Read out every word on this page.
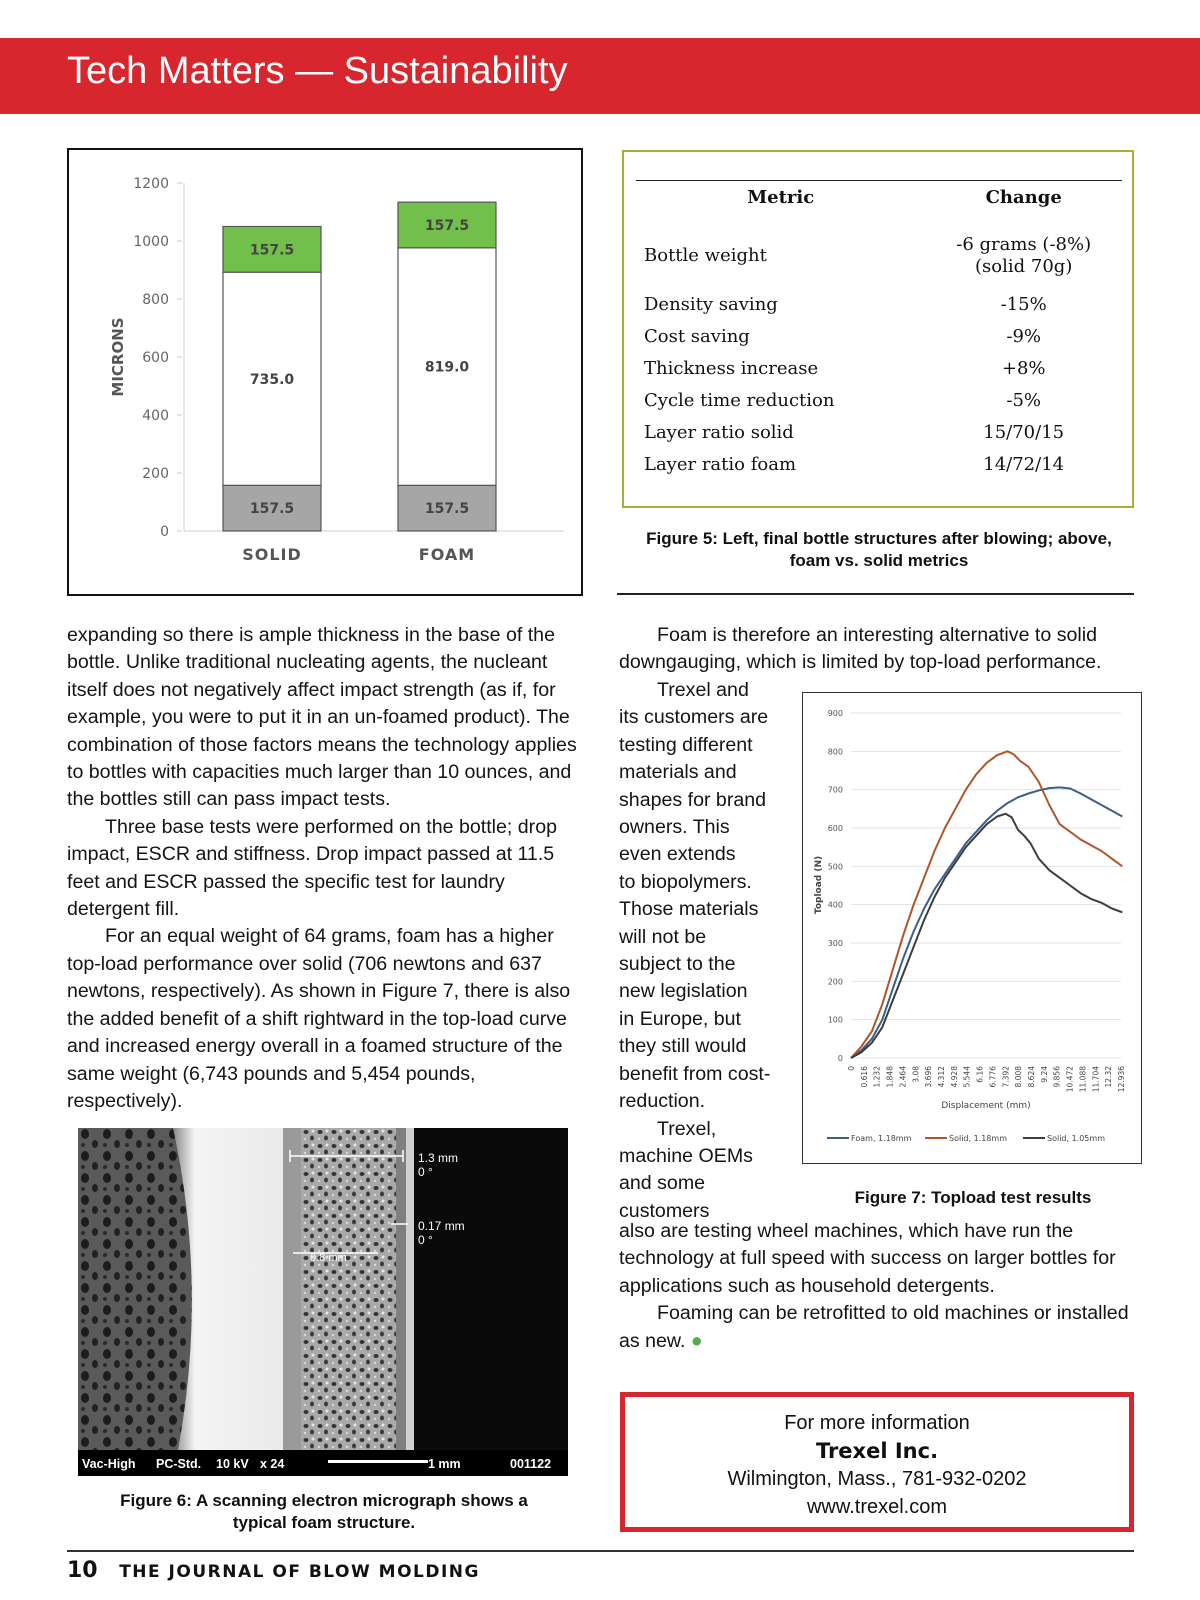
Tech Matters — Sustainability
0
200
400
600
800
1000
1200
MICRONS
157.5
735.0
157.5
SOLID
157.5
819.0
157.5
FOAM
Metric	Change
Bottle weight	-6 grams (-8%)
(solid 70g)

Density saving	-15%
Cost saving	-9%
Thickness increase	+8%
Cycle time reduction	-5%
Layer ratio solid	15/70/15
Layer ratio foam	14/72/14
Figure 5: Left, final bottle structures after blowing; above,
foam vs. solid metrics

expanding so there is ample thickness in the base of the bottle. Unlike traditional nucleating agents, the nucleant itself does not negatively affect impact strength (as if, for example, you were to put it in an un-foamed product). The combination of those factors means the technology applies to bottles with capacities much larger than 10 ounces, and the bottles still can pass impact tests.

Three base tests were performed on the bottle; drop impact, ESCR and stiffness. Drop impact passed at 11.5 feet and ESCR passed the specific test for laundry detergent fill.

For an equal weight of 64 grams, foam has a higher top-load performance over solid (706 newtons and 637 newtons, respectively). As shown in Figure 7, there is also the added benefit of a shift rightward in the top-load curve and increased energy overall in a foamed structure of the same weight (6,743 pounds and 5,454 pounds, respectively).

1.3 mm
0 °
0.17 mm
0 °
0.8 mm
Vac-High PC-Std. 10 kV x 24	1 mm	001122
Figure 6: A scanning electron micrograph shows a
typical foam structure.

Foam is therefore an interesting alternative to solid downgauging, which is limited by top-load performance.

Trexel and
its customers are
testing different
materials and
shapes for brand
owners. This
even extends
to biopolymers.
Those materials
will not be
subject to the
new legislation
in Europe, but
they still would
benefit from cost-
reduction.
Trexel,
machine OEMs
and some
customers

also are testing wheel machines, which have run the technology at full speed with success on larger bottles for applications such as household detergents.

Foaming can be retrofitted to old machines or installed as new. ●

0
100
200
300
400
500
600
700
800
900
Topload (N)
0 0.616 1.232 1.848 2.464 3.08 3.696 4.312 4.928 5.544 6.16 6.776 7.392 8.008 8.624 9.24 9.856 10.472 11.088 11.704 12.32 12.936
Displacement (mm)
Foam, 1.18mm	Solid, 1.18mm	Solid, 1.05mm
Figure 7: Topload test results
For more information
Trexel Inc.
Wilmington, Mass., 781-932-0202
www.trexel.com
10 THE JOURNAL OF BLOW MOLDING
